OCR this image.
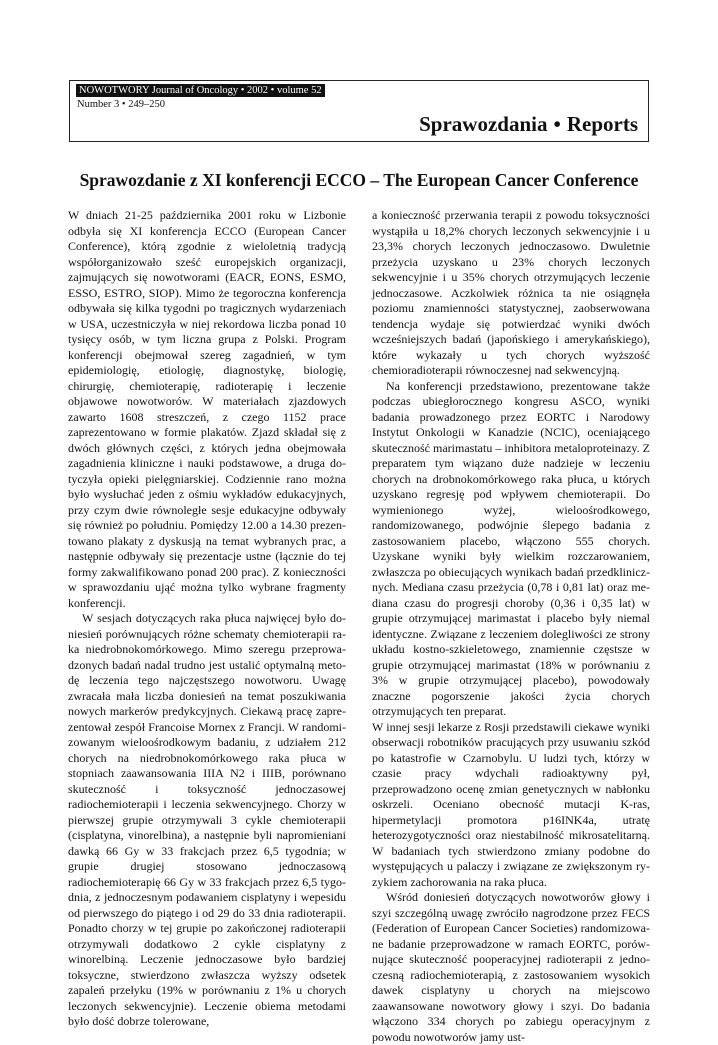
NOWOTWORY Journal of Oncology • 2002 • volume 52
Number 3 • 249–250
Sprawozdania • Reports
Sprawozdanie z XI konferencji ECCO – The European Cancer Conference

W dniach 21-25 października 2001 roku w Lizbonie odbyła się XI konferencja ECCO (European Cancer Conference), którą zgodnie z wieloletnią tradycją współorganizowało sześć europejskich organizacji, zajmujących się nowotworami (EACR, EONS, ESMO, ESSO, ESTRO, SIOP). Mimo że tegoroczna konferencja odbywała się kilka tygodni po tragicznych wydarzeniach w USA, uczestniczyła w niej rekordowa liczba ponad 10 tysięcy osób, w tym liczna grupa z Polski. Program konferencji obejmował szereg zagadnień, w tym epidemiologię, etiologię, diagnostykę, biologię, chirurgię, chemioterapię, radioterapię i leczenie objawowe nowotworów. W materiałach zjazdowych zawarto 1608 streszczeń, z czego 1152 prace zaprezentowano w formie plakatów. Zjazd składał się z dwóch głównych części, z których jedna obejmowała zagadnienia kliniczne i nauki podstawowe, a druga dotyczyła opieki pielęgniarskiej. Codziennie rano można było wysłuchać jeden z ośmiu wykładów edukacyjnych, przy czym dwie równoległe sesje edukacyjne odbywały się również po południu. Pomiędzy 12.00 a 14.30 prezentowano plakaty z dyskusją na temat wybranych prac, a następnie odbywały się prezentacje ustne (łącznie do tej formy zakwalifikowano ponad 200 prac). Z konieczności w sprawozdaniu ująć można tylko wybrane fragmenty konferencji.

W sesjach dotyczących raka płuca najwięcej było doniesień porównujących różne schematy chemioterapii raka niedrobnokomórkowego. Mimo szeregu przeprowadzonych badań nadal trudno jest ustalić optymalną metodę leczenia tego najczęstszego nowotworu. Uwagę zwracała mała liczba doniesień na temat poszukiwania nowych markerów predykcyjnych. Ciekawą pracę zaprezentował zespół Francoise Mornex z Francji. W randomizowanym wieloośrodkowym badaniu, z udziałem 212 chorych na niedrobnokomórkowego raka płuca w stopniach zaawansowania IIIA N2 i IIIB, porównano skuteczność i toksyczność jednoczasowej radiochemioterapii i leczenia sekwencyjnego. Chorzy w pierwszej grupie otrzymywali 3 cykle chemioterapii (cisplatyna, vinorelbina), a następnie byli napromieniani dawką 66 Gy w 33 frakcjach przez 6,5 tygodnia; w grupie drugiej stosowano jednoczasową radiochemioterapię 66 Gy w 33 frakcjach przez 6,5 tygodnia, z jednoczesnym podawaniem cisplatyny i wepesidu od pierwszego do piątego i od 29 do 33 dnia radioterapii. Ponadto chorzy w tej grupie po zakończonej radioterapii otrzymywali dodatkowo 2 cykle cisplatyny z winorelbiną. Leczenie jednoczasowe było bardziej toksyczne, stwierdzono zwłaszcza wyższy odsetek zapaleń przełyku (19% w porównaniu z 1% u chorych leczonych sekwencyjnie). Leczenie obiema metodami było dość dobrze tolerowane,

a konieczność przerwania terapii z powodu toksyczności wystąpiła u 18,2% chorych leczonych sekwencyjnie i u 23,3% chorych leczonych jednoczasowo. Dwuletnie przeżycia uzyskano u 23% chorych leczonych sekwencyjnie i u 35% chorych otrzymujących leczenie jednoczasowe. Aczkolwiek różnica ta nie osiągnęła poziomu znamienności statystycznej, zaobserwowana tendencja wydaje się potwierdzać wyniki dwóch wcześniejszych badań (japońskiego i amerykańskiego), które wykazały u tych chorych wyższość chemioradioterapii równoczesnej nad sekwencyjną.

Na konferencji przedstawiono, prezentowane także podczas ubiegłorocznego kongresu ASCO, wyniki badania prowadzonego przez EORTC i Narodowy Instytut Onkologii w Kanadzie (NCIC), oceniającego skuteczność marimastatu – inhibitora metaloproteinazy. Z preparatem tym wiązano duże nadzieje w leczeniu chorych na drobnokomórkowego raka płuca, u których uzyskano regresję pod wpływem chemioterapii. Do wymienionego wyżej, wieloośrodkowego, randomizowanego, podwójnie ślepego badania z zastosowaniem placebo, włączono 555 chorych. Uzyskane wyniki były wielkim rozczarowaniem, zwłaszcza po obiecujących wynikach badań przedklinicznych. Mediana czasu przeżycia (0,78 i 0,81 lat) oraz mediana czasu do progresji choroby (0,36 i 0,35 lat) w grupie otrzymującej marimastat i placebo były niemal identyczne. Związane z leczeniem dolegliwości ze strony układu kostno-szkieletowego, znamiennie częstsze w grupie otrzymującej marimastat (18% w porównaniu z 3% w grupie otrzymującej placebo), powodowały znaczne pogorszenie jakości życia chorych otrzymujących ten preparat.

W innej sesji lekarze z Rosji przedstawili ciekawe wyniki obserwacji robotników pracujących przy usuwaniu szkód po katastrofie w Czarnobylu. U ludzi tych, którzy w czasie pracy wdychali radioaktywny pył, przeprowadzono ocenę zmian genetycznych w nabłonku oskrzeli. Oceniano obecność mutacji K-ras, hipermetylacji promotora p16INK4a, utratę heterozygotyczności oraz niestabilność mikrosatelitarną. W badaniach tych stwierdzono zmiany podobne do występujących u palaczy i związane ze zwiększonym ryzykiem zachorowania na raka płuca.

Wśród doniesień dotyczących nowotworów głowy i szyi szczególną uwagę zwróciło nagrodzone przez FECS (Federation of European Cancer Societies) randomizowane badanie przeprowadzone w ramach EORTC, porównujące skuteczność pooperacyjnej radioterapii z jednoczesną radiochemioterapią, z zastosowaniem wysokich dawek cisplatyny u chorych na miejscowo zaawansowane nowotwory głowy i szyi. Do badania włączono 334 chorych po zabiegu operacyjnym z powodu nowotworów jamy ust-
